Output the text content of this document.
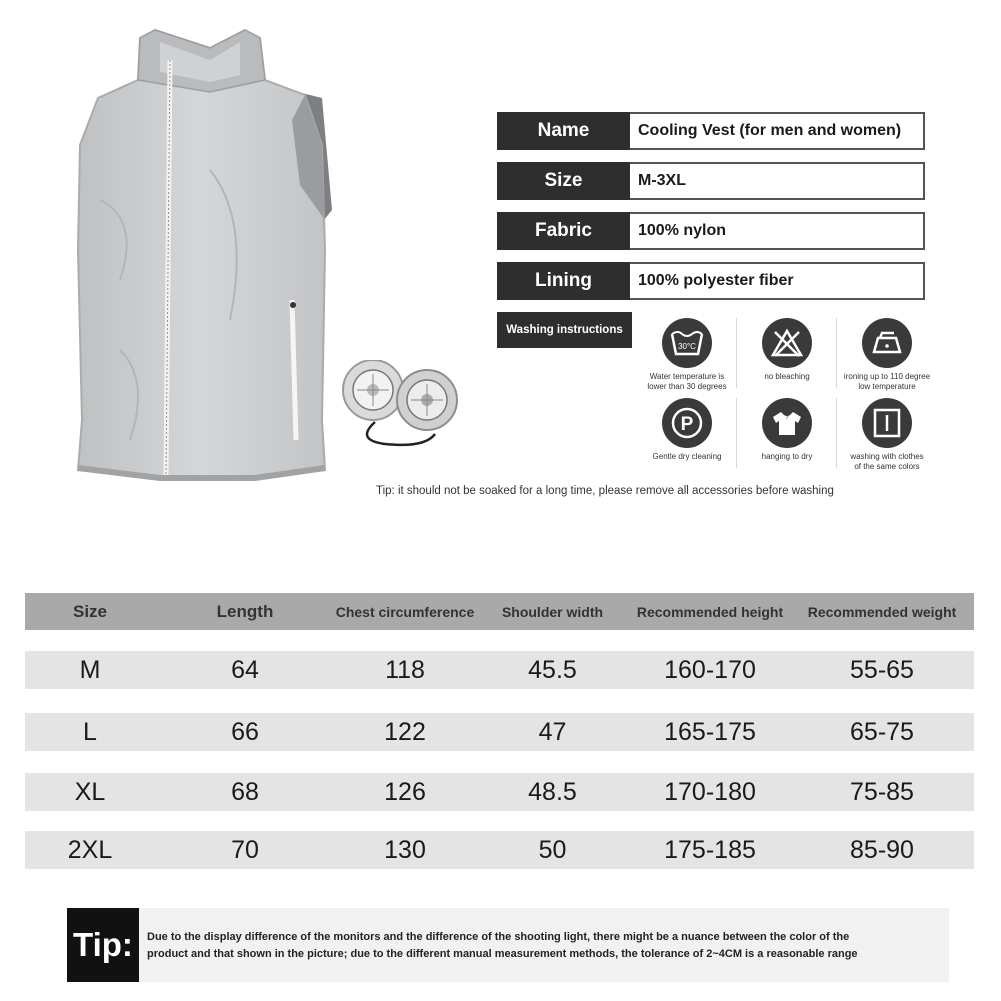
Name	Cooling Vest (for men and women)
Size	M-3XL
Fabric	100% nylon
Lining	100% polyester fiber
Washing instructions
30°C
Water temperature is
lower than 30 degrees
no bleaching	ironing up to 110 degree
low temperature
P
Gentle dry cleaning
?
hanging to dry	washing with clothes
of the same colors
Tip: it should not be soaked for a long time, please remove all accessories before washing
Size	Length	Chest circumference	Shoulder width	Recommended height	Recommended weight
M	64	118	45.5	160-170	55-65
L	66	122	47	165-175	65-75
XL	68	126	48.5	170-180	75-85
2XL	70	130	50	175-185	85-90
Tip:	Due to the display difference of the monitors and the difference of the shooting light, there might be a nuance between the color of the
product and that shown in the picture; due to the different manual measurement methods, the tolerance of 2~4CM is a reasonable range
